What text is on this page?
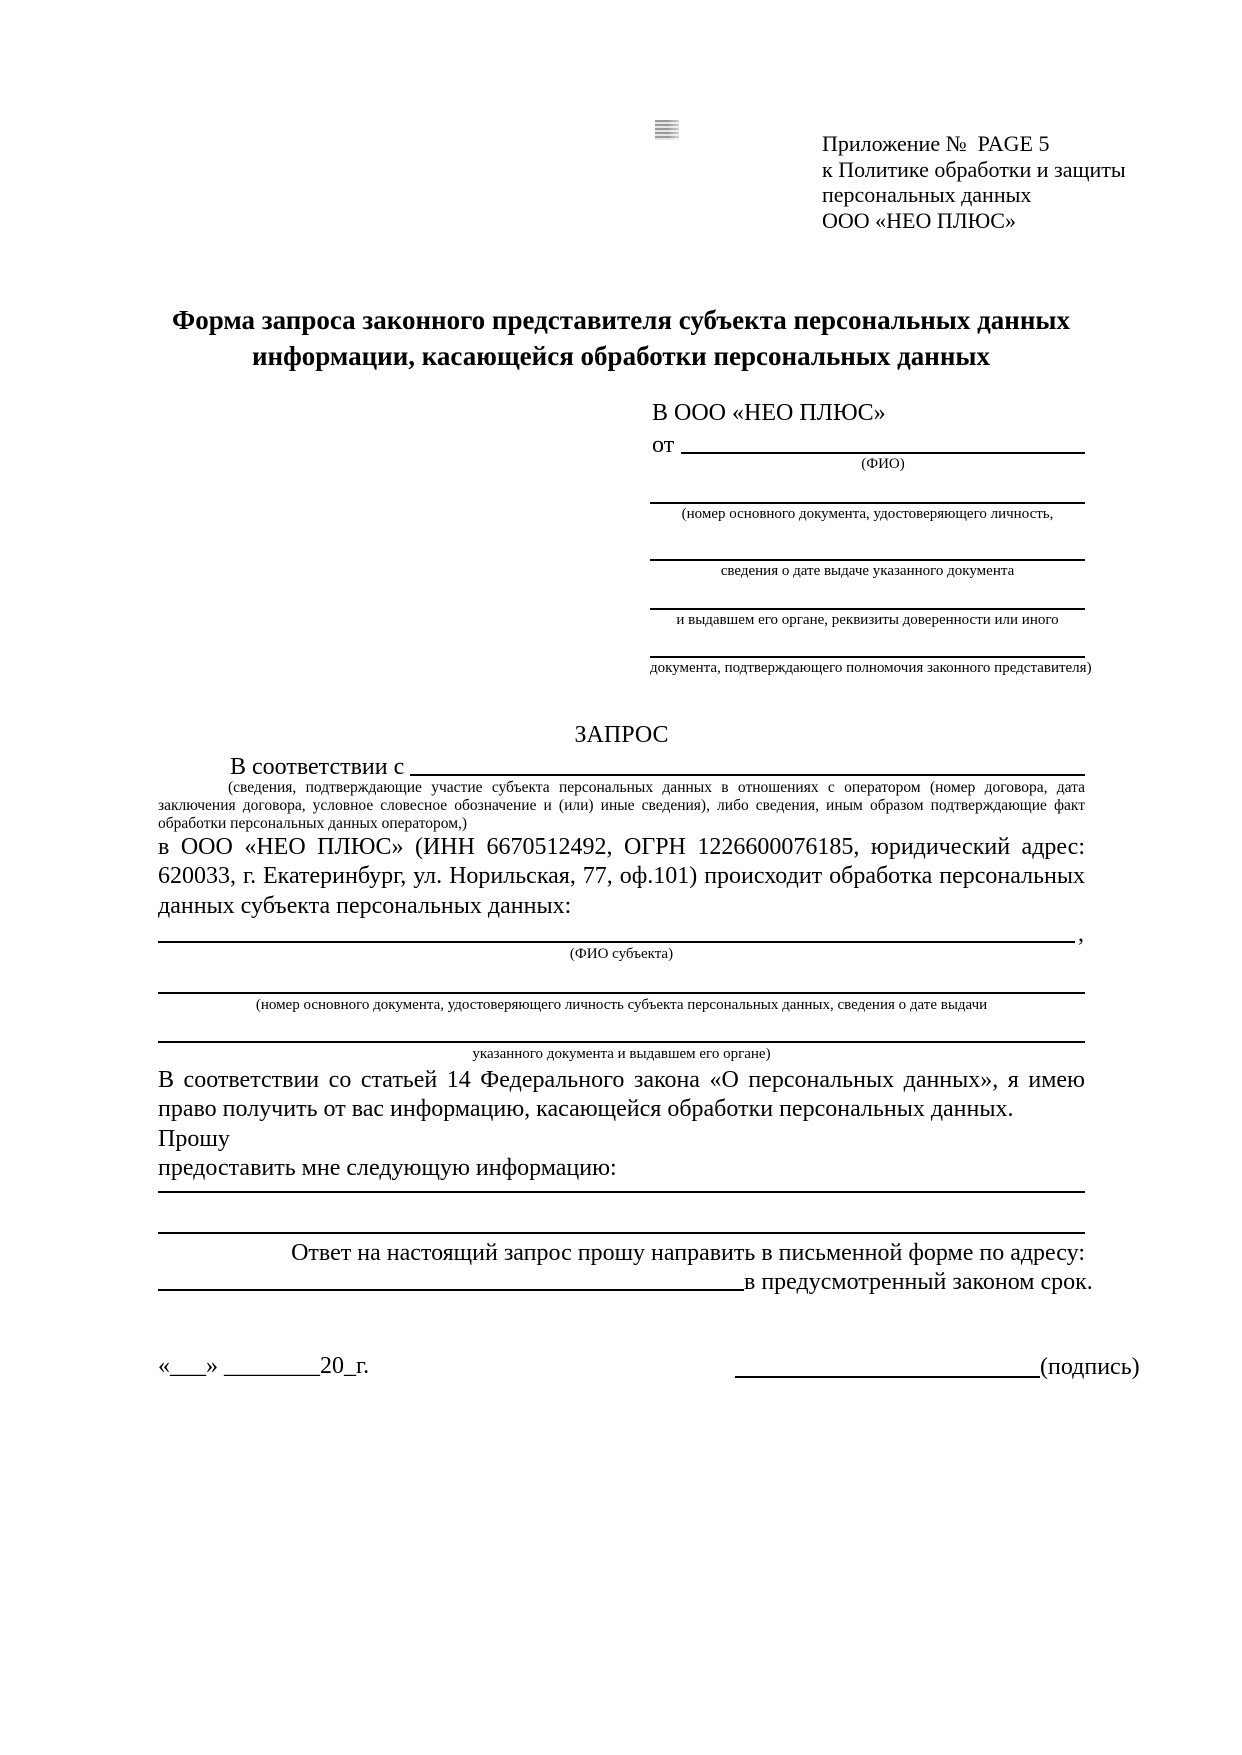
Приложение №  PAGE 5
к Политике обработки и защиты
персональных данных
ООО «НЕО ПЛЮС»
Форма запроса законного представителя субъекта персональных данных
информации, касающейся обработки персональных данных
В ООО «НЕО ПЛЮС»
от
(ФИО)
(номер основного документа, удостоверяющего личность,
сведения о дате выдаче указанного документа
и выдавшем его органе, реквизиты доверенности или иного
документа, подтверждающего полномочия законного представителя)
ЗАПРОС
В соответствии с
(сведения, подтверждающие участие субъекта персональных данных в отношениях с оператором (номер договора, дата
заключения договора, условное словесное обозначение и (или) иные сведения), либо сведения, иным образом подтверждающие факт
обработки персональных данных оператором,)
в ООО «НЕО ПЛЮС» (ИНН 6670512492, ОГРН 1226600076185, юридический адрес:
620033, г. Екатеринбург, ул. Норильская, 77, оф.101) происходит обработка персональных
данных субъекта персональных данных:
,
(ФИО субъекта)
(номер основного документа, удостоверяющего личность субъекта персональных данных, сведения о дате выдачи
указанного документа и выдавшем его органе)
В соответствии со статьей 14 Федерального закона «О персональных данных», я имею
право получить от вас информацию, касающейся обработки персональных данных. Прошу
предоставить мне следующую информацию:
Ответ на настоящий запрос прошу направить в письменной форме по адресу:
в предусмотренный законом срок.
«___» ________20_г.	(подпись)
